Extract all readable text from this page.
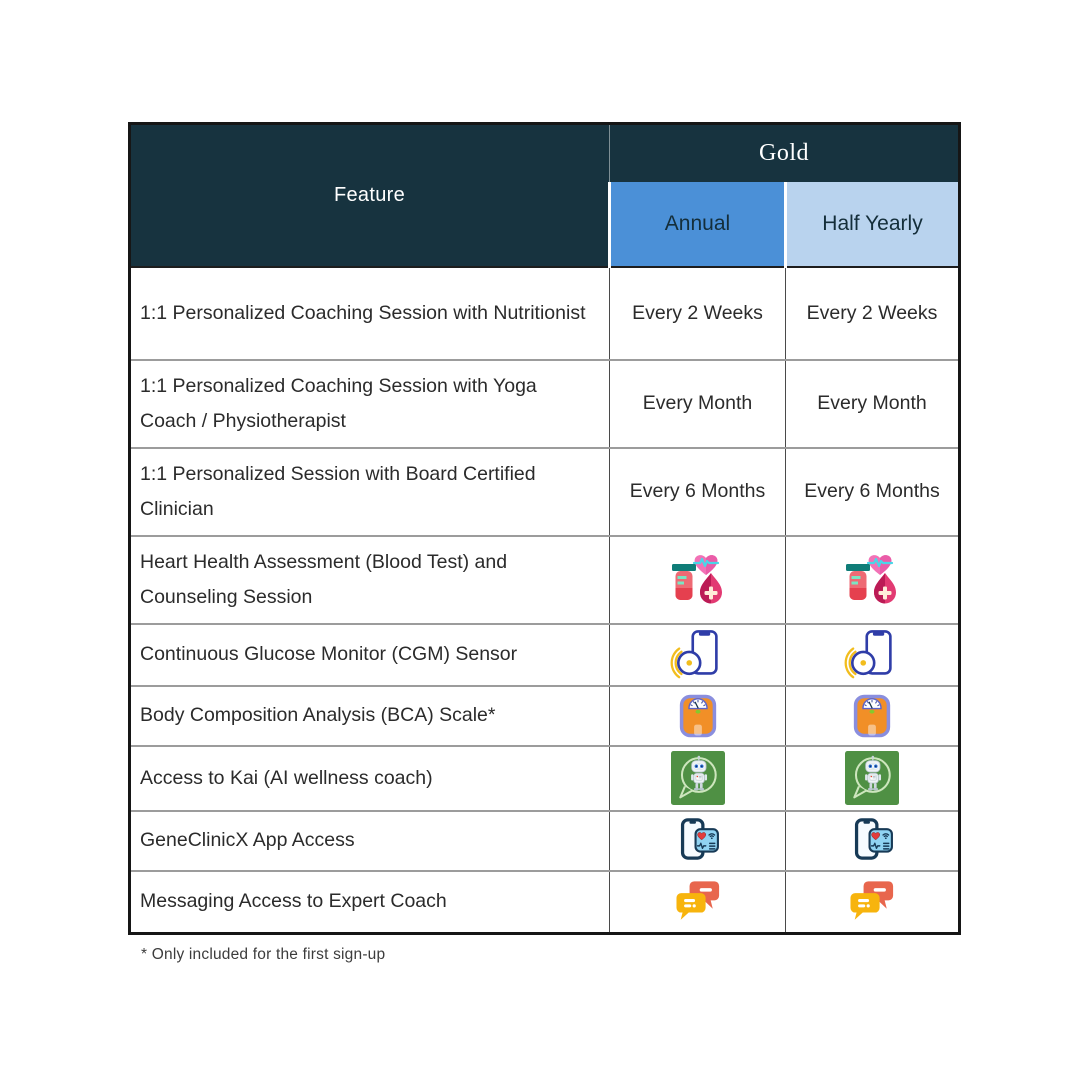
Feature	Gold	
	Annual	Half Yearly
1:1 Personalized Coaching Session with Nutritionist	Every 2 Weeks	Every 2 Weeks
1:1 Personalized Coaching Session with Yoga Coach / Physiotherapist	Every Month	Every Month
1:1 Personalized Session with Board Certified Clinician	Every 6 Months	Every 6 Months
Heart Health Assessment (Blood Test) and Counseling Session		
Continuous Glucose Monitor (CGM) Sensor		
Body Composition Analysis (BCA) Scale*		
Access to Kai (AI wellness coach)		
GeneClinicX App Access		
Messaging Access to Expert Coach		
* Only included for the first sign-up
